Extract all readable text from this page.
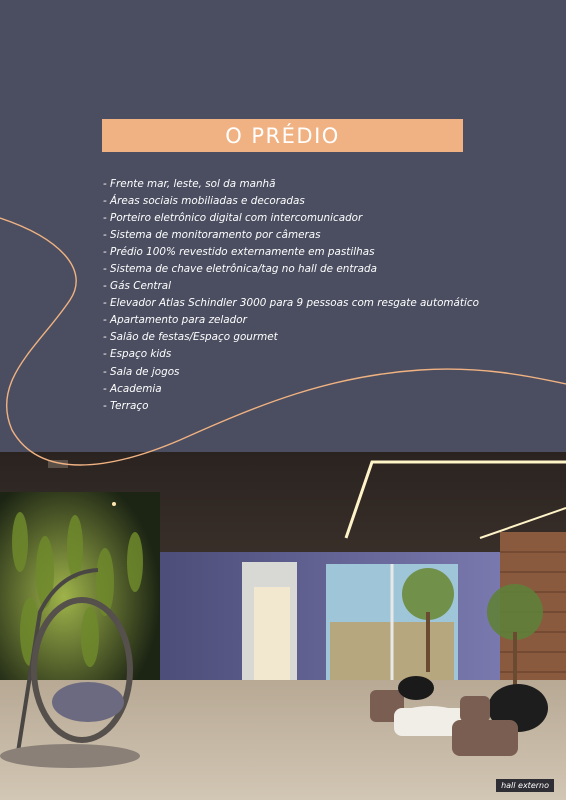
O PRÉDIO
- Frente mar, leste, sol da manhã
- Áreas sociais mobiliadas e decoradas
- Porteiro eletrônico digital com intercomunicador
- Sistema de monitoramento por câmeras
- Prédio 100% revestido externamente em pastilhas
- Sistema de chave eletrônica/tag no hall de entrada
- Gás Central
- Elevador Atlas Schindler 3000 para 9 pessoas com resgate automático
- Apartamento para zelador
- Salão de festas/Espaço gourmet
- Espaço kids
- Sala de jogos
- Academia
- Terraço
hall externo
